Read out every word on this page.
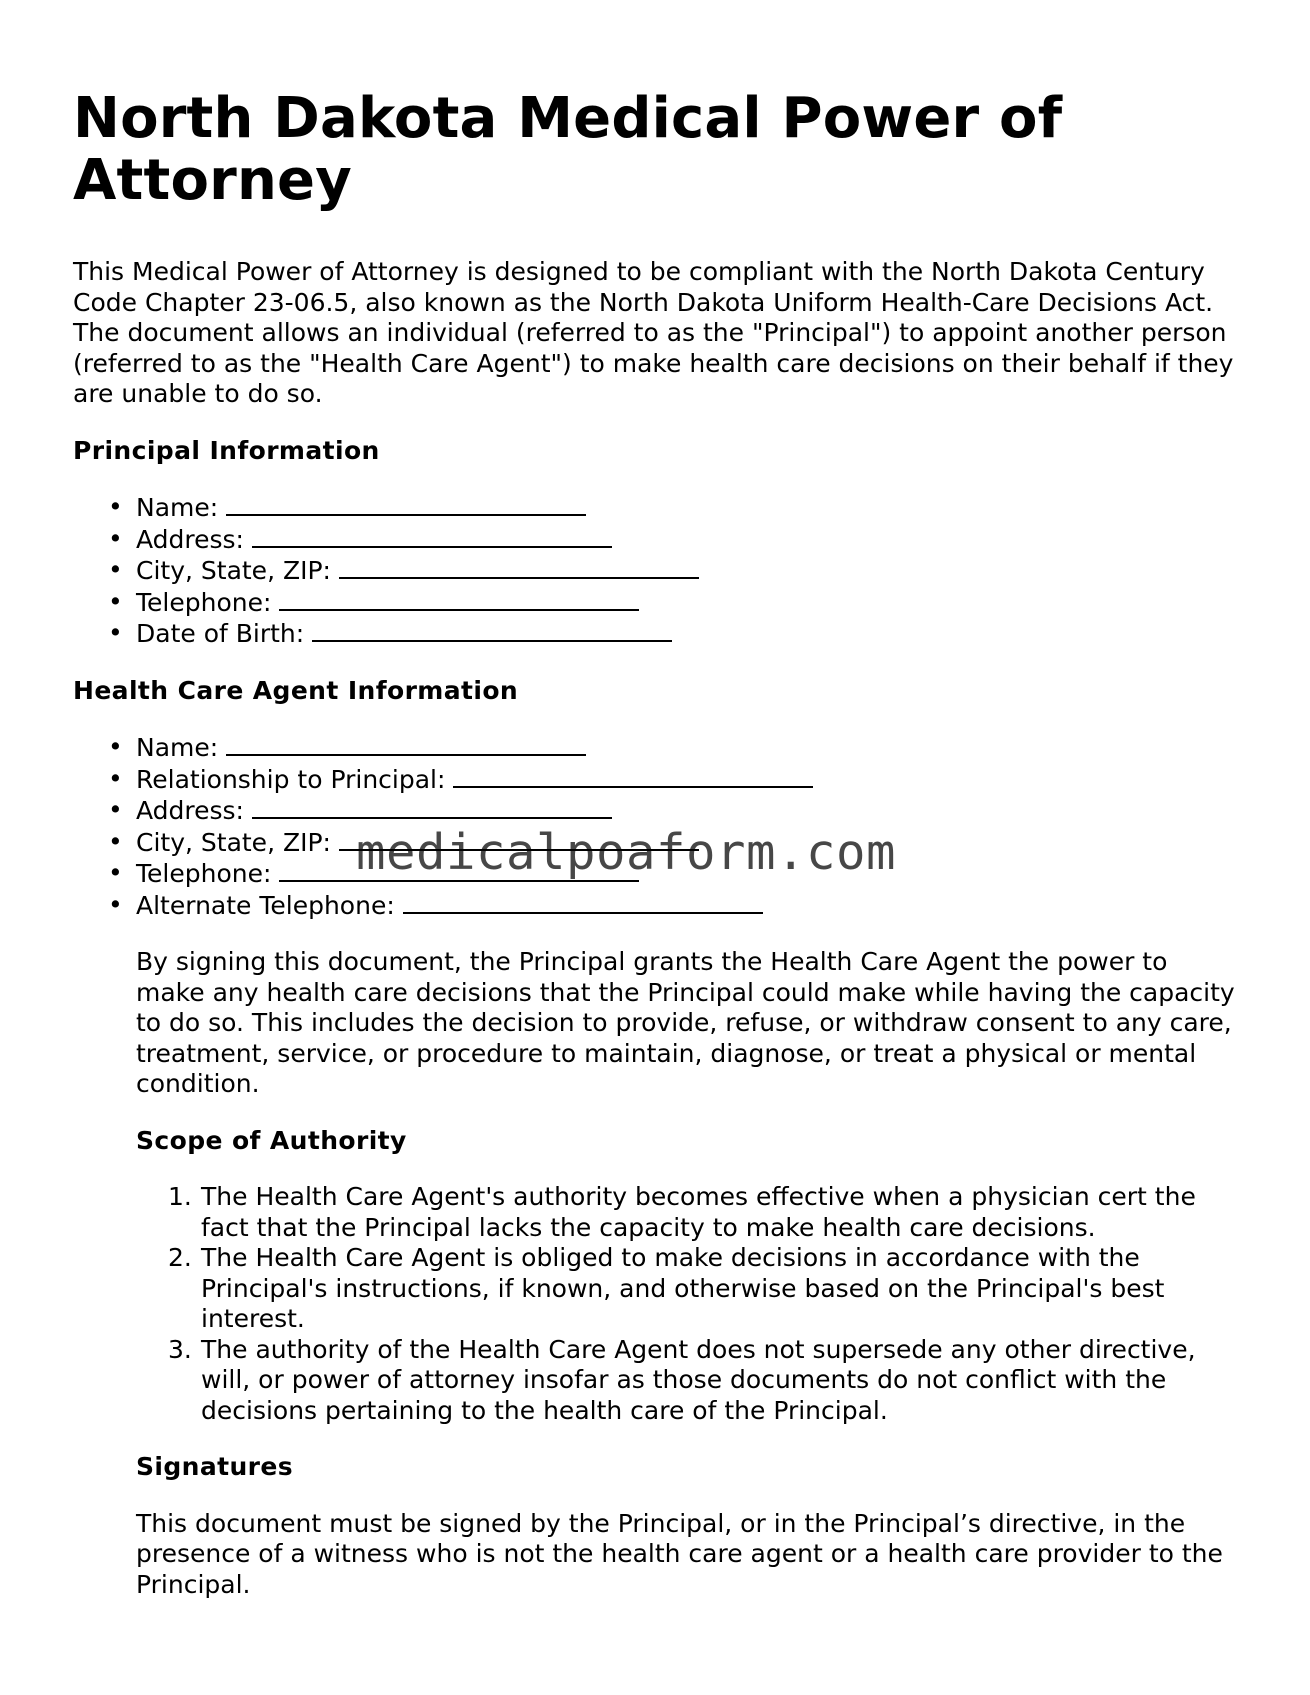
North Dakota Medical Power of Attorney

This Medical Power of Attorney is designed to be compliant with the North Dakota Century Code Chapter 23-06.5, also known as the North Dakota Uniform Health-Care Decisions Act. The document allows an individual (referred to as the "Principal") to appoint another person (referred to as the "Health Care Agent") to make health care decisions on their behalf if they are unable to do so.

Principal Information
• Name:
• Address:
• City, State, ZIP:
• Telephone:
• Date of Birth:
Health Care Agent Information
• Name:
• Relationship to Principal:
• Address:
• City, State, ZIP:
• Telephone:
• Alternate Telephone:

By signing this document, the Principal grants the Health Care Agent the power to make any health care decisions that the Principal could make while having the capacity to do so. This includes the decision to provide, refuse, or withdraw consent to any care, treatment, service, or procedure to maintain, diagnose, or treat a physical or mental condition.

Scope of Authority
1. The Health Care Agent's authority becomes effective when a physician cert the fact that the Principal lacks the capacity to make health care decisions.
2. The Health Care Agent is obliged to make decisions in accordance with the Principal's instructions, if known, and otherwise based on the Principal's best interest.
3. The authority of the Health Care Agent does not supersede any other directive, will, or power of attorney insofar as those documents do not conflict with the decisions pertaining to the health care of the Principal.
Signatures

This document must be signed by the Principal, or in the Principal’s directive, in the presence of a witness who is not the health care agent or a health care provider to the Principal.

medicalpoaform.com
